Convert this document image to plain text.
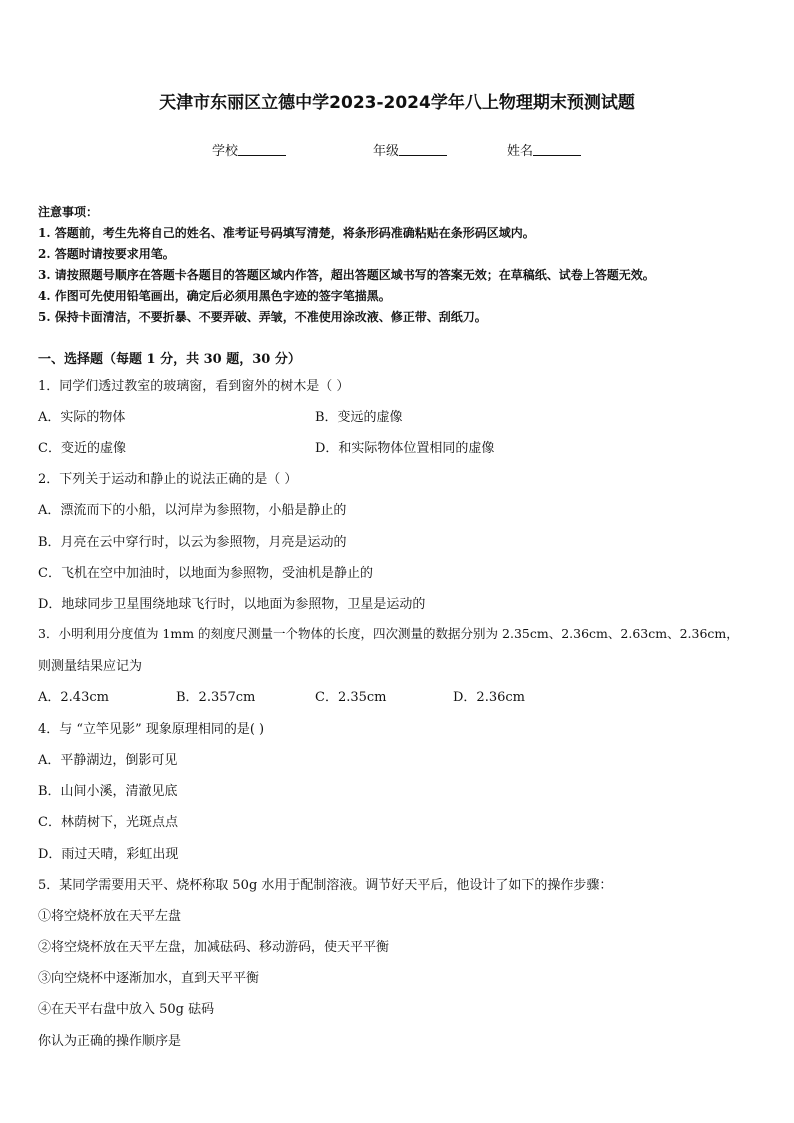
天津市东丽区立德中学2023-2024学年八上物理期末预测试题
学校	年级	姓名
注意事项：
1. 答题前，考生先将自己的姓名、准考证号码填写清楚，将条形码准确粘贴在条形码区域内。
2. 答题时请按要求用笔。
3. 请按照题号顺序在答题卡各题目的答题区域内作答，超出答题区域书写的答案无效；在草稿纸、试卷上答题无效。
4. 作图可先使用铅笔画出，确定后必须用黑色字迹的签字笔描黑。
5. 保持卡面清洁，不要折暴、不要弄破、弄皱，不准使用涂改液、修正带、刮纸刀。
一、选择题（每题 1 分，共 30 题，30 分）
1．同学们透过教室的玻璃窗，看到窗外的树木是（ ）
A．实际的物体	B．变远的虚像
C．变近的虚像	D．和实际物体位置相同的虚像
2．下列关于运动和静止的说法正确的是（ ）
A．漂流而下的小船，以河岸为参照物，小船是静止的
B．月亮在云中穿行时，以云为参照物，月亮是运动的
C．飞机在空中加油时，以地面为参照物，受油机是静止的
D．地球同步卫星围绕地球飞行时，以地面为参照物，卫星是运动的
3．小明利用分度值为 1mm 的刻度尺测量一个物体的长度，四次测量的数据分别为 2.35cm、2.36cm、2.63cm、2.36cm，
则测量结果应记为
A．2.43cm	B．2.357cm	C．2.35cm	D．2.36cm
4．与 “立竿见影” 现象原理相同的是( )
A．平静湖边，倒影可见
B．山间小溪，清澈见底
C．林荫树下，光斑点点
D．雨过天晴，彩虹出现
5．某同学需要用天平、烧杯称取 50g 水用于配制溶液。调节好天平后，他设计了如下的操作步骤：
①将空烧杯放在天平左盘
②将空烧杯放在天平左盘，加减砝码、移动游码，使天平平衡
③向空烧杯中逐渐加水，直到天平平衡
④在天平右盘中放入 50g 砝码
你认为正确的操作顺序是
